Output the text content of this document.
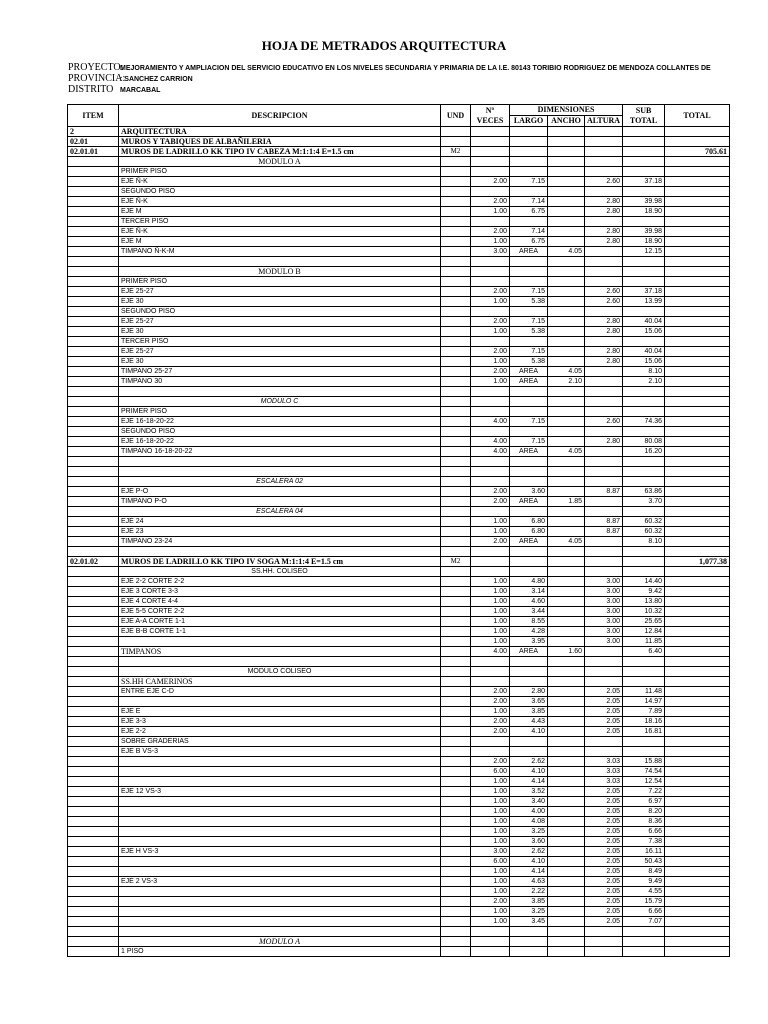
HOJA DE METRADOS ARQUITECTURA
PROYECTO:MEJORAMIENTO Y AMPLIACION DEL SERVICIO EDUCATIVO EN LOS NIVELES SECUNDARIA Y PRIMARIA DE LA I.E. 80143 TORIBIO RODRIGUEZ DE MENDOZA COLLANTES DE
PROVINCIA:: SANCHEZ CARRION
DISTRITO MARCABAL
ITEM	DESCRIPCION	UND	Nº VECES	DIMENSIONES			SUB TOTAL	TOTAL
				LARGO	ANCHO	ALTURA		
2	ARQUITECTURA							
02.01	MUROS Y TABIQUES DE ALBAÑILERIA							
02.01.01	MUROS DE LADRILLO KK TIPO IV CABEZA M:1:1:4 E=1.5 cm	M2						705.61
	MODULO A							
	PRIMER PISO							
	EJE Ñ-K		2.00	7.15		2.60	37.18	
	SEGUNDO PISO							
	EJE Ñ-K		2.00	7.14		2.80	39.98	
	EJE M		1.00	6.75		2.80	18.90	
	TERCER PISO							
	EJE Ñ-K		2.00	7.14		2.80	39.98	
	EJE M		1.00	6.75		2.80	18.90	
	TIMPANO Ñ-K-M		3.00	AREA	4.05		12.15	

	MODULO B							
	PRIMER PISO							
	EJE 25-27		2.00	7.15		2.60	37.18	
	EJE 30		1.00	5.38		2.60	13.99	
	SEGUNDO PISO							
	EJE 25-27		2.00	7.15		2.80	40.04	
	EJE 30		1.00	5.38		2.80	15.06	
	TERCER PISO							
	EJE 25-27		2.00	7.15		2.80	40.04	
	EJE 30		1.00	5.38		2.80	15.06	
	TIMPANO 25-27		2.00	AREA	4.05		8.10	
	TIMPANO 30		1.00	AREA	2.10		2.10	

	MODULO C							
	PRIMER PISO							
	EJE 16-18-20-22		4.00	7.15		2.60	74.36	
	SEGUNDO PISO							
	EJE 16-18-20-22		4.00	7.15		2.80	80.08	
	TIMPANO 16-18-20-22		4.00	AREA	4.05		16.20	

	ESCALERA 02							
	EJE P-O		2.00	3.60		8.87	63.86	
	TIMPANO P-O		2.00	AREA	1.85		3.70	
	ESCALERA 04							
	EJE 24		1.00	6.80		8.87	60.32	
	EJE 23		1.00	6.80		8.87	60.32	
	TIMPANO 23-24		2.00	AREA	4.05		8.10	

02.01.02	MUROS DE LADRILLO KK TIPO IV SOGA M:1:1:4 E=1.5 cm	M2						1,077.38
	SS.HH. COLISEO							
	EJE 2-2 CORTE 2-2		1.00	4.80		3.00	14.40	
	EJE 3 CORTE 3-3		1.00	3.14		3.00	9.42	
	EJE 4 CORTE 4-4		1.00	4.60		3.00	13.80	
	EJE 5-5 CORTE 2-2		1.00	3.44		3.00	10.32	
	EJE A-A CORTE 1-1		1.00	8.55		3.00	25.65	
	EJE B-B CORTE 1-1		1.00	4.28		3.00	12.84	
			1.00	3.95		3.00	11.85	
	TIMPANOS		4.00	AREA	1.60		6.40	

	MODULO COLISEO							
	SS.HH CAMERINOS							
	ENTRE EJE C-D		2.00	2.80		2.05	11.48	
			2.00	3.65		2.05	14.97	
	EJE E		1.00	3.85		2.05	7.89	
	EJE 3-3		2.00	4.43		2.05	18.16	
	EJE 2-2		2.00	4.10		2.05	16.81	
	SOBRE GRADERIAS							
	EJE B VS-3							
			2.00	2.62		3.03	15.88	
			6.00	4.10		3.03	74.54	
			1.00	4.14		3.03	12.54	
	EJE 12 VS-3		1.00	3.52		2.05	7.22	
			1.00	3.40		2.05	6.97	
			1.00	4.00		2.05	8.20	
			1.00	4.08		2.05	8.36	
			1.00	3.25		2.05	6.66	
			1.00	3.60		2.05	7.38	
	EJE H VS-3		3.00	2.62		2.05	16.11	
			6.00	4.10		2.05	50.43	
			1.00	4.14		2.05	8.49	
	EJE 2 VS-3		1.00	4.63		2.05	9.49	
			1.00	2.22		2.05	4.55	
			2.00	3.85		2.05	15.79	
			1.00	3.25		2.05	6.66	
			1.00	3.45		2.05	7.07	

	MODULO A							
	1 PISO							
